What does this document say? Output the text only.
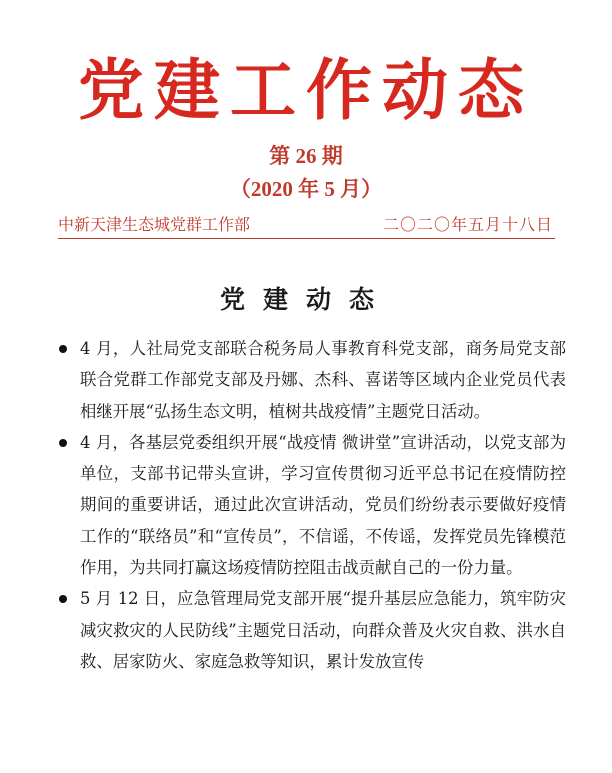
党建工作动态
第 26 期
（2020 年 5 月）
中新天津生态城党群工作部	二〇二〇年五月十八日
党建动态
4 月，人社局党支部联合税务局人事教育科党支部，商务局党支部联合党群工作部党支部及丹娜、杰科、喜诺等区域内企业党员代表相继开展“弘扬生态文明，植树共战疫情”主题党日活动。
4 月，各基层党委组织开展“战疫情 微讲堂”宣讲活动，以党支部为单位，支部书记带头宣讲，学习宣传贯彻习近平总书记在疫情防控期间的重要讲话，通过此次宣讲活动，党员们纷纷表示要做好疫情工作的“联络员”和“宣传员”，不信谣，不传谣，发挥党员先锋模范作用，为共同打赢这场疫情防控阻击战贡献自己的一份力量。
5 月 12 日，应急管理局党支部开展“提升基层应急能力，筑牢防灾减灾救灾的人民防线”主题党日活动，向群众普及火灾自救、洪水自救、居家防火、家庭急救等知识，累计发放宣传
